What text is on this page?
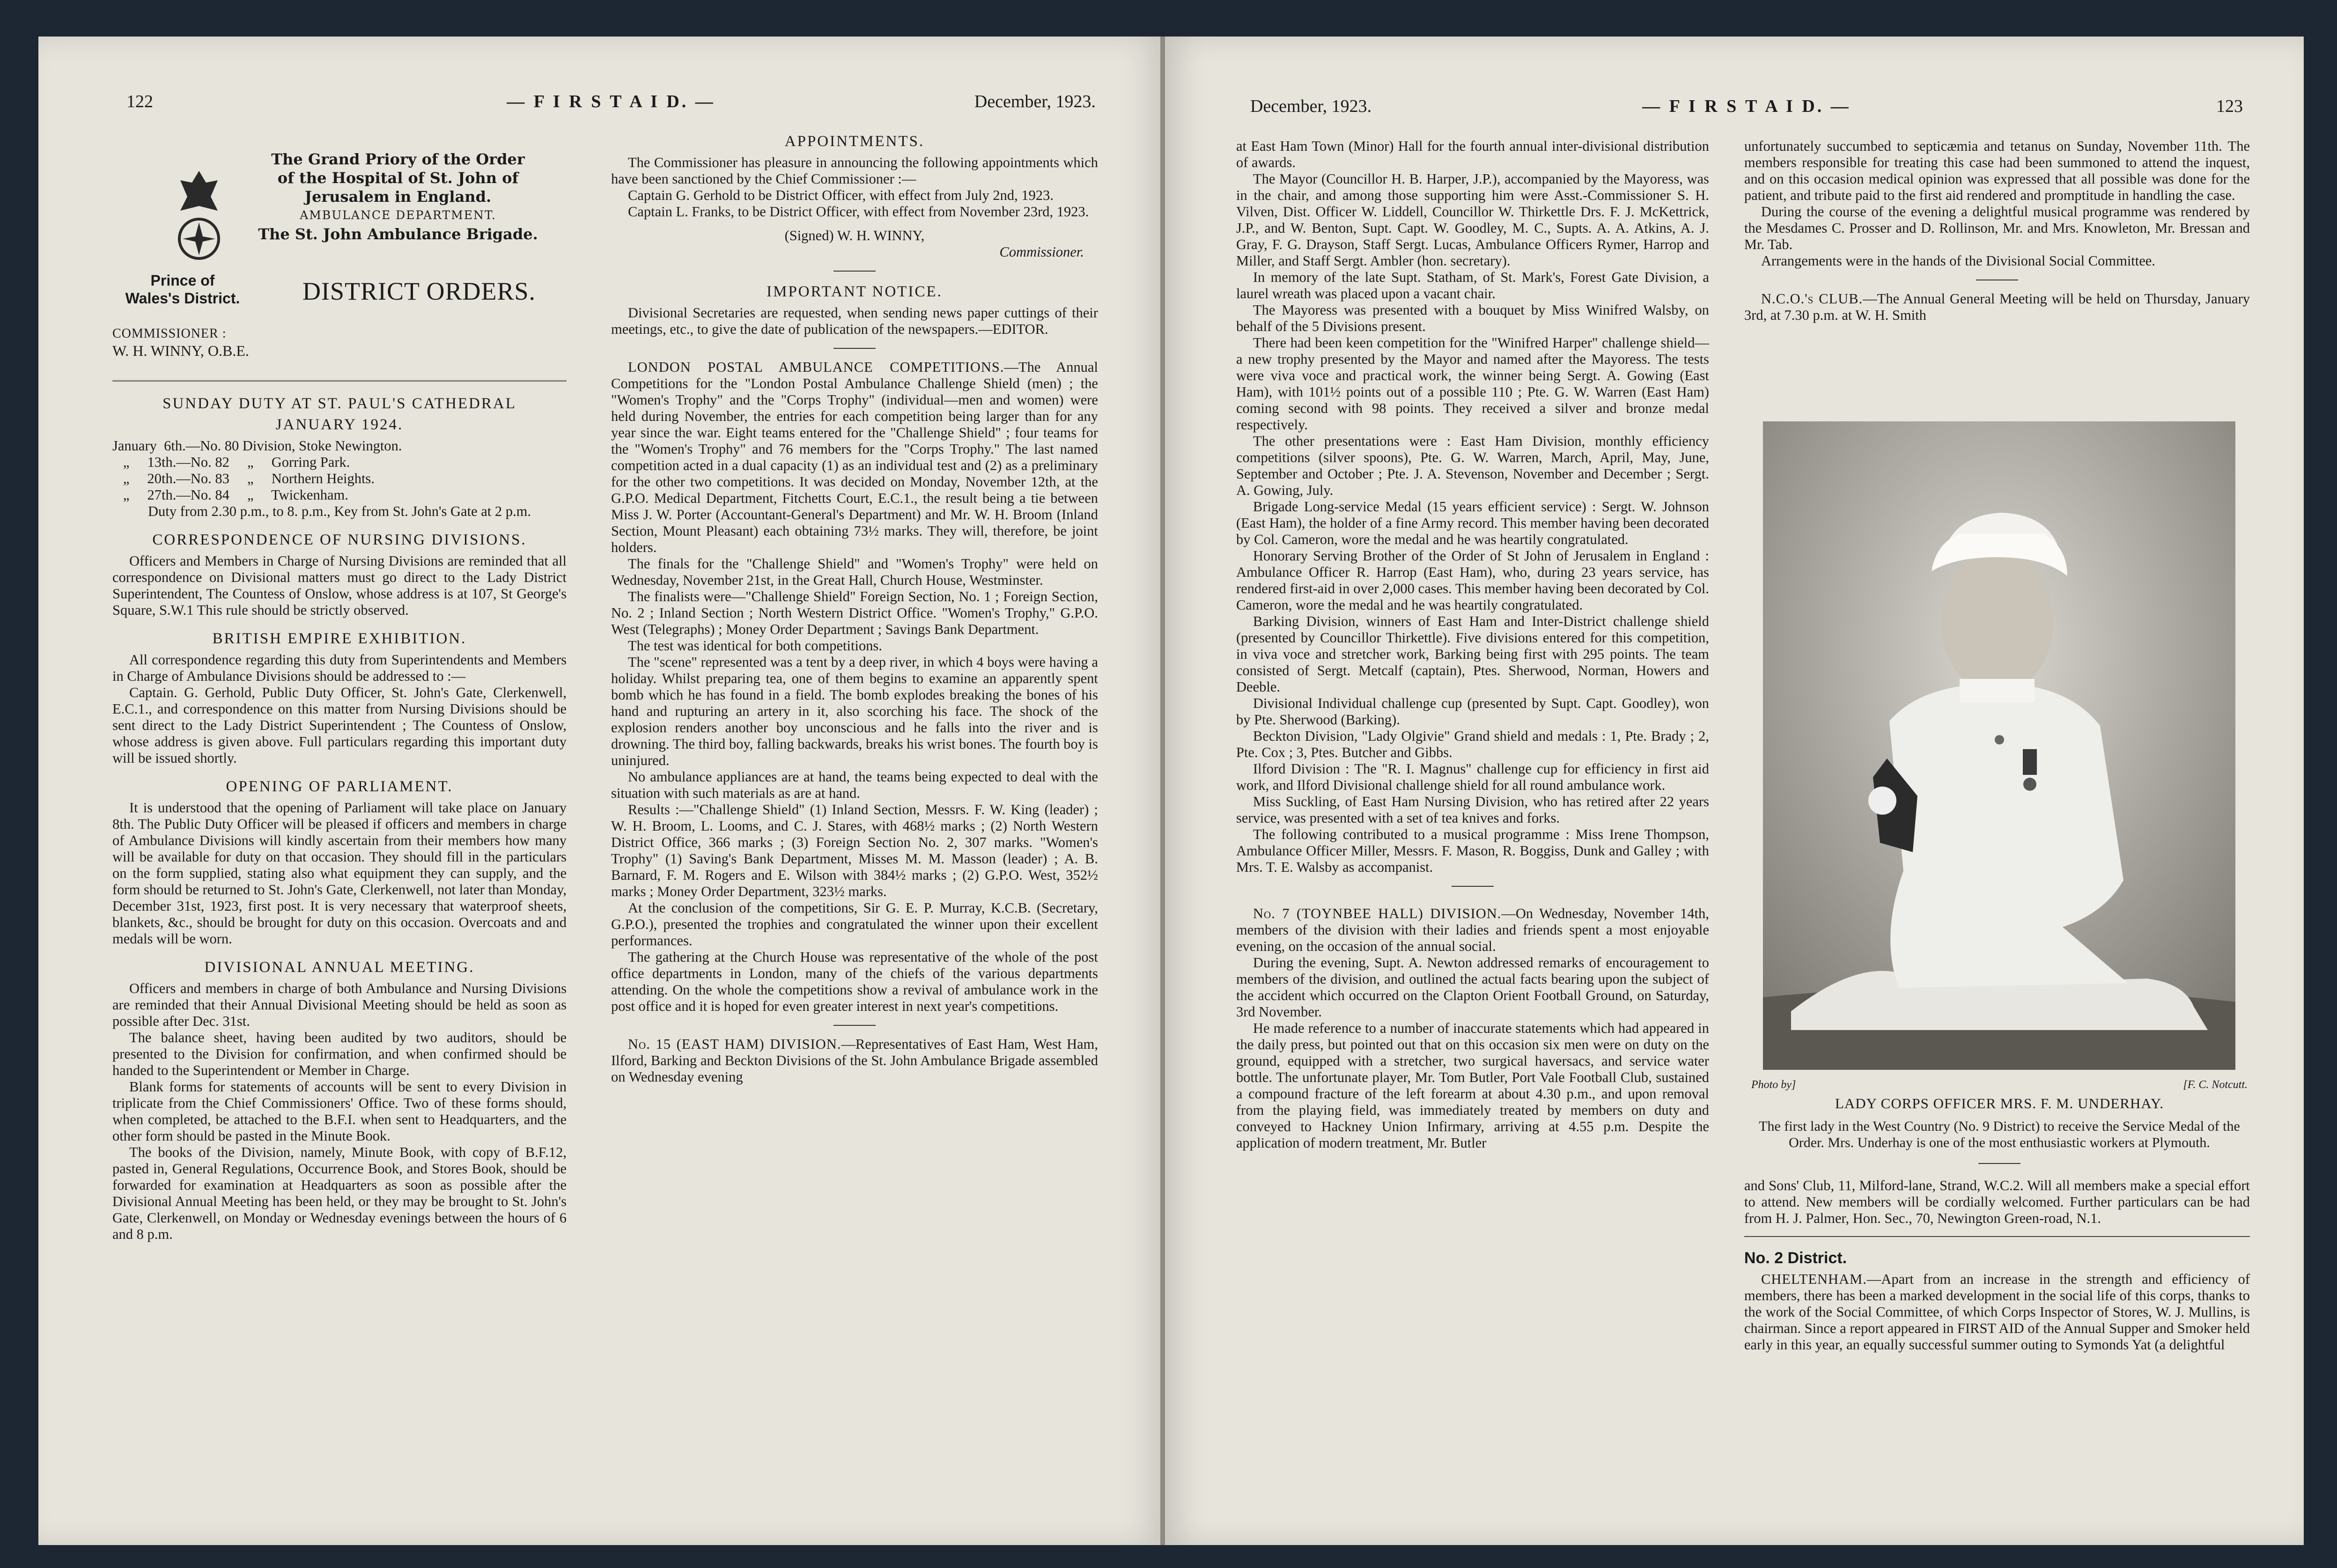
122	— F I R S T A I D. —	December, 1923.
The Grand Priory of the Order
of the Hospital of St. John of
Jerusalem in England.
AMBULANCE DEPARTMENT.
The St. John Ambulance Brigade.
Prince of Wales's District.	DISTRICT ORDERS.
COMMISSIONER :
W. H. WINNY, O.B.E.
SUNDAY DUTY AT ST. PAUL'S CATHEDRAL
JANUARY 1924.
January  6th.—No. 80 Division, Stoke Newington.
„     13th.—No. 82     „     Gorring Park.
„     20th.—No. 83     „     Northern Heights.
„     27th.—No. 84     „     Twickenham.

Duty from 2.30 p.m., to 8. p.m., Key from St. John's Gate at 2 p.m.

CORRESPONDENCE OF NURSING DIVISIONS.

Officers and Members in Charge of Nursing Divisions are reminded that all correspondence on Divisional matters must go direct to the Lady District Superintendent, The Countess of Onslow, whose address is at 107, St George's Square, S.W.1 This rule should be strictly observed.

BRITISH EMPIRE EXHIBITION.

All correspondence regarding this duty from Superintendents and Members in Charge of Ambulance Divisions should be addressed to :—

Captain. G. Gerhold, Public Duty Officer, St. John's Gate, Clerkenwell, E.C.1., and correspondence on this matter from Nursing Divisions should be sent direct to the Lady District Superintendent ; The Countess of Onslow, whose address is given above. Full particulars regarding this important duty will be issued shortly.

OPENING OF PARLIAMENT.

It is understood that the opening of Parliament will take place on January 8th. The Public Duty Officer will be pleased if officers and members in charge of Ambulance Divisions will kindly ascertain from their members how many will be available for duty on that occasion. They should fill in the particulars on the form supplied, stating also what equipment they can supply, and the form should be returned to St. John's Gate, Clerkenwell, not later than Monday, December 31st, 1923, first post. It is very necessary that waterproof sheets, blankets, &c., should be brought for duty on this occasion. Overcoats and and medals will be worn.

DIVISIONAL ANNUAL MEETING.

Officers and members in charge of both Ambulance and Nursing Divisions are reminded that their Annual Divisional Meeting should be held as soon as possible after Dec. 31st.

The balance sheet, having been audited by two auditors, should be presented to the Division for confirmation, and when confirmed should be handed to the Superintendent or Member in Charge.

Blank forms for statements of accounts will be sent to every Division in triplicate from the Chief Commissioners' Office. Two of these forms should, when completed, be attached to the B.F.I. when sent to Headquarters, and the other form should be pasted in the Minute Book.

The books of the Division, namely, Minute Book, with copy of B.F.12, pasted in, General Regulations, Occurrence Book, and Stores Book, should be forwarded for examination at Headquarters as soon as possible after the Divisional Annual Meeting has been held, or they may be brought to St. John's Gate, Clerkenwell, on Monday or Wednesday evenings between the hours of 6 and 8 p.m.

APPOINTMENTS.

The Commissioner has pleasure in announcing the following appointments which have been sanctioned by the Chief Commissioner :—

Captain G. Gerhold to be District Officer, with effect from July 2nd, 1923.

Captain L. Franks, to be District Officer, with effect from November 23rd, 1923.

(Signed) W. H. WINNY,
Commissioner.
IMPORTANT NOTICE.

Divisional Secretaries are requested, when sending news paper cuttings of their meetings, etc., to give the date of publication of the newspapers.—EDITOR.

LONDON POSTAL AMBULANCE COMPETITIONS.—The Annual Competitions for the "London Postal Ambulance Challenge Shield (men) ; the "Women's Trophy" and the "Corps Trophy" (individual—men and women) were held during November, the entries for each competition being larger than for any year since the war. Eight teams entered for the "Challenge Shield" ; four teams for the "Women's Trophy" and 76 members for the "Corps Trophy." The last named competition acted in a dual capacity (1) as an individual test and (2) as a preliminary for the other two competitions. It was decided on Monday, November 12th, at the G.P.O. Medical Department, Fitchetts Court, E.C.1., the result being a tie between Miss J. W. Porter (Accountant-General's Department) and Mr. W. H. Broom (Inland Section, Mount Pleasant) each obtaining 73½ marks. They will, therefore, be joint holders.

The finals for the "Challenge Shield" and "Women's Trophy" were held on Wednesday, November 21st, in the Great Hall, Church House, Westminster.

The finalists were—"Challenge Shield" Foreign Section, No. 1 ; Foreign Section, No. 2 ; Inland Section ; North Western District Office. "Women's Trophy," G.P.O. West (Telegraphs) ; Money Order Department ; Savings Bank Department.

The test was identical for both competitions.

The "scene" represented was a tent by a deep river, in which 4 boys were having a holiday. Whilst preparing tea, one of them begins to examine an apparently spent bomb which he has found in a field. The bomb explodes breaking the bones of his hand and rupturing an artery in it, also scorching his face. The shock of the explosion renders another boy unconscious and he falls into the river and is drowning. The third boy, falling backwards, breaks his wrist bones. The fourth boy is uninjured.

No ambulance appliances are at hand, the teams being expected to deal with the situation with such materials as are at hand.

Results :—"Challenge Shield" (1) Inland Section, Messrs. F. W. King (leader) ; W. H. Broom, L. Looms, and C. J. Stares, with 468½ marks ; (2) North Western District Office, 366 marks ; (3) Foreign Section No. 2, 307 marks. "Women's Trophy" (1) Saving's Bank Department, Misses M. M. Masson (leader) ; A. B. Barnard, F. M. Rogers and E. Wilson with 384½ marks ; (2) G.P.O. West, 352½ marks ; Money Order Department, 323½ marks.

At the conclusion of the competitions, Sir G. E. P. Murray, K.C.B. (Secretary, G.P.O.), presented the trophies and congratulated the winner upon their excellent performances.

The gathering at the Church House was representative of the whole of the post office departments in London, many of the chiefs of the various departments attending. On the whole the competitions show a revival of ambulance work in the post office and it is hoped for even greater interest in next year's competitions.

No. 15 (EAST HAM) DIVISION.—Representatives of East Ham, West Ham, Ilford, Barking and Beckton Divisions of the St. John Ambulance Brigade assembled on Wednesday evening

December, 1923.	— F I R S T A I D. —	123

at East Ham Town (Minor) Hall for the fourth annual inter-divisional distribution of awards.

The Mayor (Councillor H. B. Harper, J.P.), accompanied by the Mayoress, was in the chair, and among those supporting him were Asst.-Commissioner S. H. Vilven, Dist. Officer W. Liddell, Councillor W. Thirkettle Drs. F. J. McKettrick, J.P., and W. Benton, Supt. Capt. W. Goodley, M. C., Supts. A. A. Atkins, A. J. Gray, F. G. Drayson, Staff Sergt. Lucas, Ambulance Officers Rymer, Harrop and Miller, and Staff Sergt. Ambler (hon. secretary).

In memory of the late Supt. Statham, of St. Mark's, Forest Gate Division, a laurel wreath was placed upon a vacant chair.

The Mayoress was presented with a bouquet by Miss Winifred Walsby, on behalf of the 5 Divisions present.

There had been keen competition for the "Winifred Harper" challenge shield—a new trophy presented by the Mayor and named after the Mayoress. The tests were viva voce and practical work, the winner being Sergt. A. Gowing (East Ham), with 101½ points out of a possible 110 ; Pte. G. W. Warren (East Ham) coming second with 98 points. They received a silver and bronze medal respectively.

The other presentations were : East Ham Division, monthly efficiency competitions (silver spoons), Pte. G. W. Warren, March, April, May, June, September and October ; Pte. J. A. Stevenson, November and December ; Sergt. A. Gowing, July.

Brigade Long-service Medal (15 years efficient service) : Sergt. W. Johnson (East Ham), the holder of a fine Army record. This member having been decorated by Col. Cameron, wore the medal and he was heartily congratulated.

Honorary Serving Brother of the Order of St John of Jerusalem in England : Ambulance Officer R. Harrop (East Ham), who, during 23 years service, has rendered first-aid in over 2,000 cases. This member having been decorated by Col. Cameron, wore the medal and he was heartily congratulated.

Barking Division, winners of East Ham and Inter-District challenge shield (presented by Councillor Thirkettle). Five divisions entered for this competition, in viva voce and stretcher work, Barking being first with 295 points. The team consisted of Sergt. Metcalf (captain), Ptes. Sherwood, Norman, Howers and Deeble.

Divisional Individual challenge cup (presented by Supt. Capt. Goodley), won by Pte. Sherwood (Barking).

Beckton Division, "Lady Olgivie" Grand shield and medals : 1, Pte. Brady ; 2, Pte. Cox ; 3, Ptes. Butcher and Gibbs.

Ilford Division : The "R. I. Magnus" challenge cup for efficiency in first aid work, and Ilford Divisional challenge shield for all round ambulance work.

Miss Suckling, of East Ham Nursing Division, who has retired after 22 years service, was presented with a set of tea knives and forks.

The following contributed to a musical programme : Miss Irene Thompson, Ambulance Officer Miller, Messrs. F. Mason, R. Boggiss, Dunk and Galley ; with Mrs. T. E. Walsby as accompanist.

No. 7 (TOYNBEE HALL) DIVISION.—On Wednesday, November 14th, members of the division with their ladies and friends spent a most enjoyable evening, on the occasion of the annual social.

During the evening, Supt. A. Newton addressed remarks of encouragement to members of the division, and outlined the actual facts bearing upon the subject of the accident which occurred on the Clapton Orient Football Ground, on Saturday, 3rd November.

He made reference to a number of inaccurate statements which had appeared in the daily press, but pointed out that on this occasion six men were on duty on the ground, equipped with a stretcher, two surgical haversacs, and service water bottle. The unfortunate player, Mr. Tom Butler, Port Vale Football Club, sustained a compound fracture of the left forearm at about 4.30 p.m., and upon removal from the playing field, was immediately treated by members on duty and conveyed to Hackney Union Infirmary, arriving at 4.55 p.m. Despite the application of modern treatment, Mr. Butler

unfortunately succumbed to septicæmia and tetanus on Sunday, November 11th. The members responsible for treating this case had been summoned to attend the inquest, and on this occasion medical opinion was expressed that all possible was done for the patient, and tribute paid to the first aid rendered and promptitude in handling the case.

During the course of the evening a delightful musical programme was rendered by the Mesdames C. Prosser and D. Rollinson, Mr. and Mrs. Knowleton, Mr. Bressan and Mr. Tab.

Arrangements were in the hands of the Divisional Social Committee.

N.C.O.'s CLUB.—The Annual General Meeting will be held on Thursday, January 3rd, at 7.30 p.m. at W. H. Smith

Photo by]	[F. C. Notcutt.
LADY CORPS OFFICER MRS. F. M. UNDERHAY.
The first lady in the West Country (No. 9 District) to receive the Service Medal of the Order. Mrs. Underhay is one of the most enthusiastic workers at Plymouth.

and Sons' Club, 11, Milford-lane, Strand, W.C.2. Will all members make a special effort to attend. New members will be cordially welcomed. Further particulars can be had from H. J. Palmer, Hon. Sec., 70, Newington Green-road, N.1.

No. 2 District.

CHELTENHAM.—Apart from an increase in the strength and efficiency of members, there has been a marked development in the social life of this corps, thanks to the work of the Social Committee, of which Corps Inspector of Stores, W. J. Mullins, is chairman. Since a report appeared in FIRST AID of the Annual Supper and Smoker held early in this year, an equally successful summer outing to Symonds Yat (a delightful
